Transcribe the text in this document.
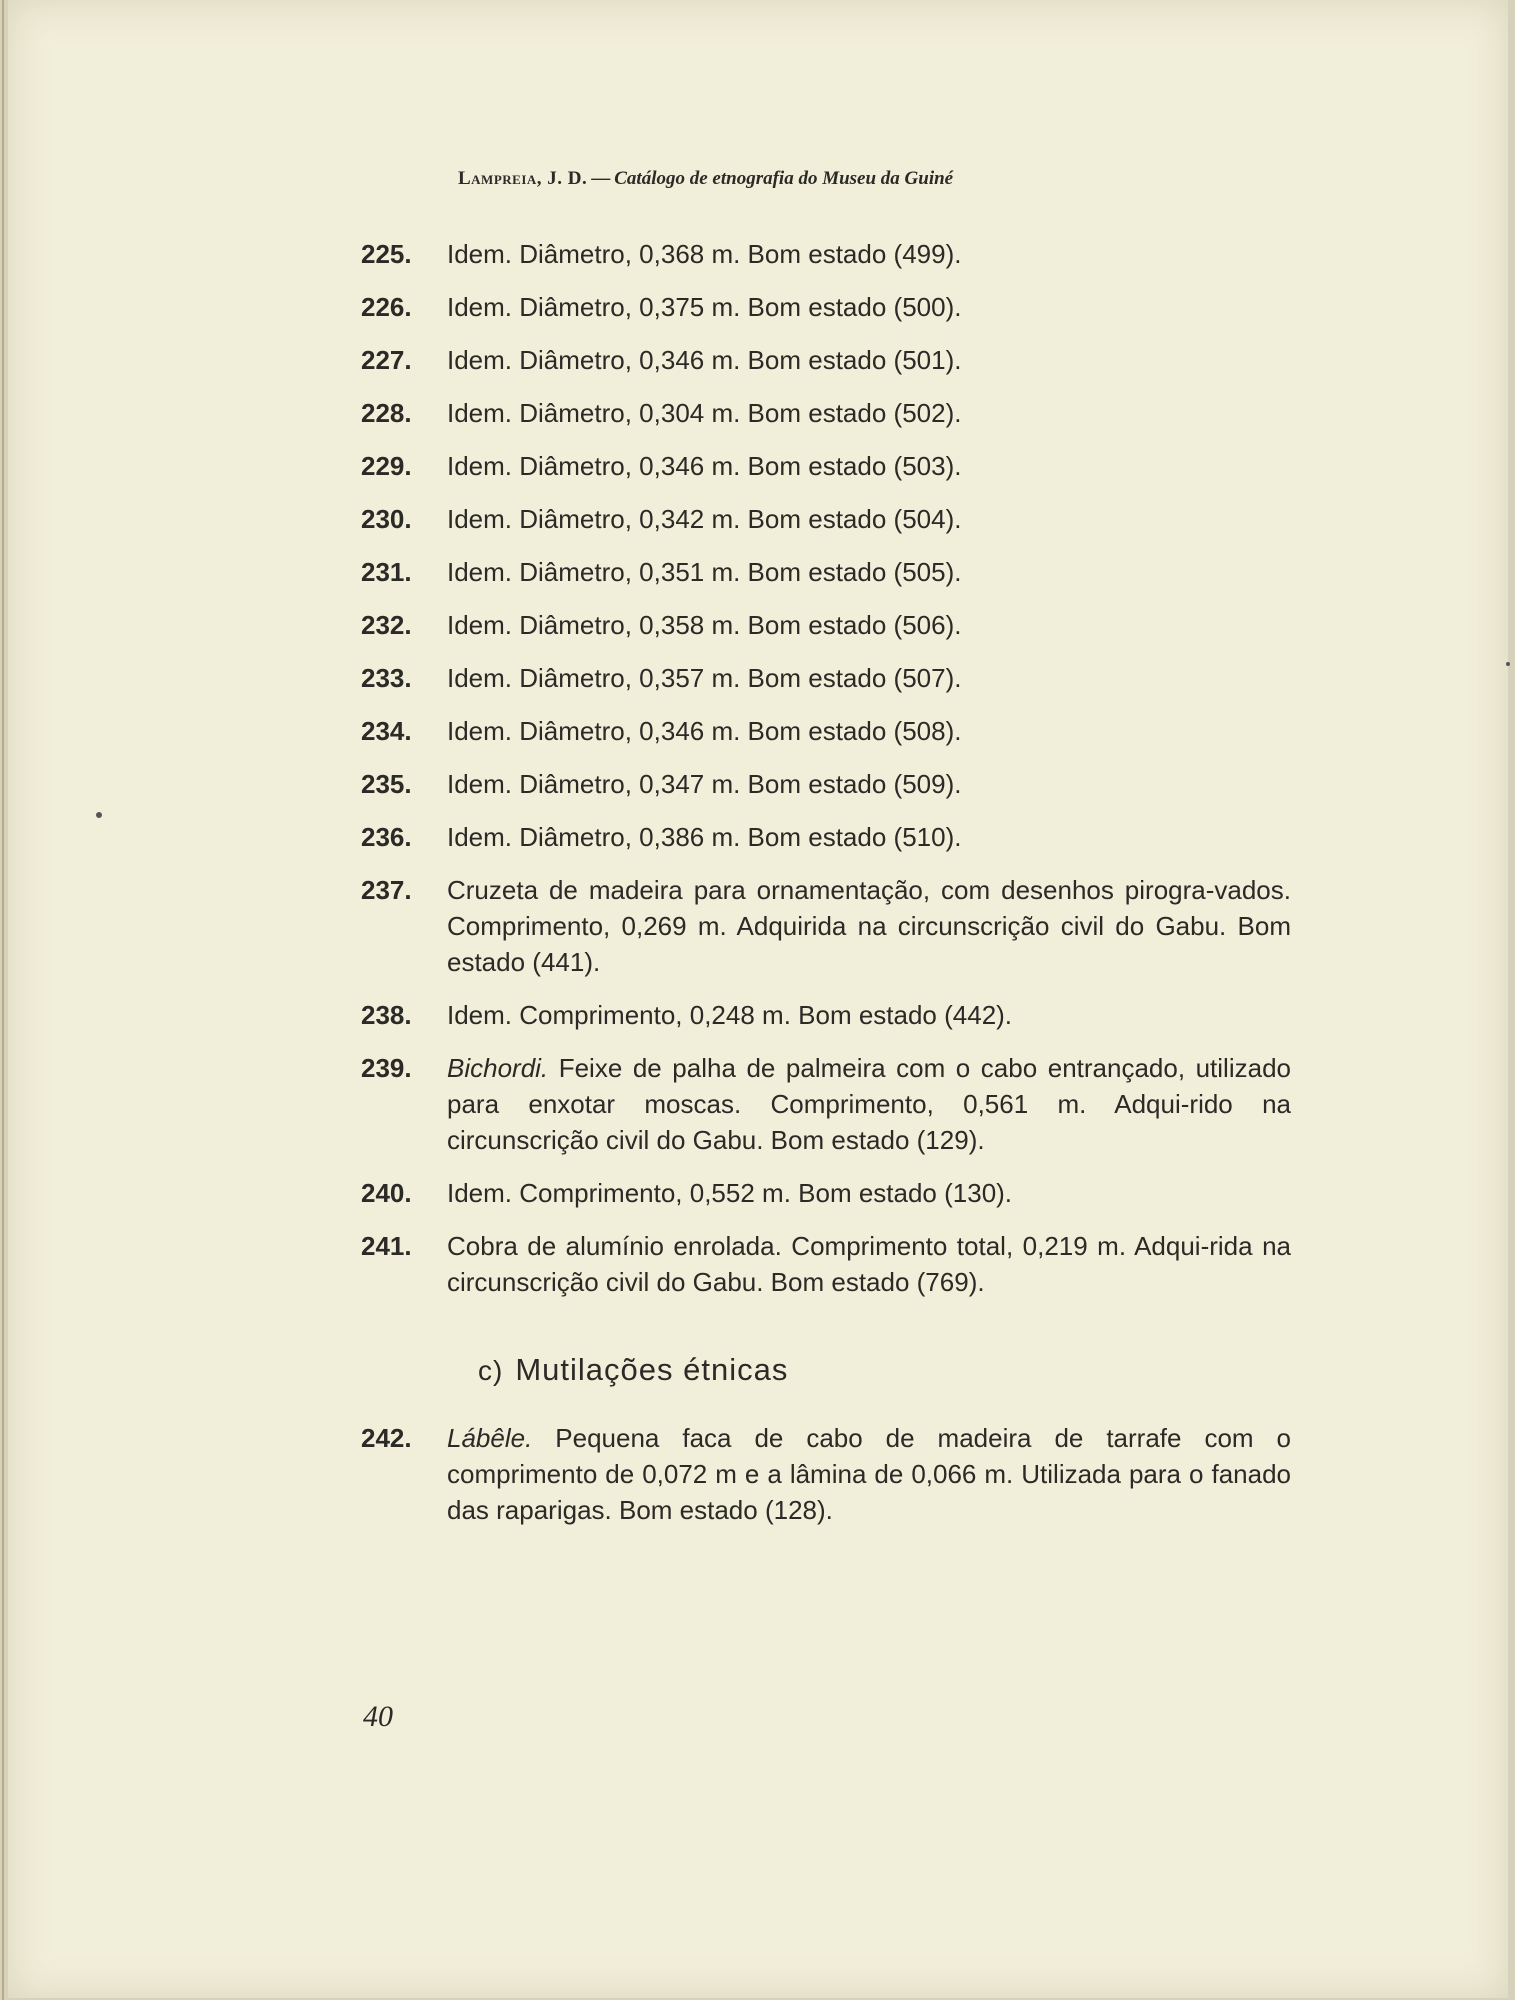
Lampreia, J. D. — Catálogo de etnografia do Museu da Guiné
225. Idem. Diâmetro, 0,368 m. Bom estado (499).
226. Idem. Diâmetro, 0,375 m. Bom estado (500).
227. Idem. Diâmetro, 0,346 m. Bom estado (501).
228. Idem. Diâmetro, 0,304 m. Bom estado (502).
229. Idem. Diâmetro, 0,346 m. Bom estado (503).
230. Idem. Diâmetro, 0,342 m. Bom estado (504).
231. Idem. Diâmetro, 0,351 m. Bom estado (505).
232. Idem. Diâmetro, 0,358 m. Bom estado (506).
233. Idem. Diâmetro, 0,357 m. Bom estado (507).
234. Idem. Diâmetro, 0,346 m. Bom estado (508).
235. Idem. Diâmetro, 0,347 m. Bom estado (509).
236. Idem. Diâmetro, 0,386 m. Bom estado (510).
237. Cruzeta de madeira para ornamentação, com desenhos pirogra-vados. Comprimento, 0,269 m. Adquirida na circunscrição civil do Gabu. Bom estado (441).
238. Idem. Comprimento, 0,248 m. Bom estado (442).
239. Bichordi. Feixe de palha de palmeira com o cabo entrançado, utilizado para enxotar moscas. Comprimento, 0,561 m. Adqui-rido na circunscrição civil do Gabu. Bom estado (129).
240. Idem. Comprimento, 0,552 m. Bom estado (130).
241. Cobra de alumínio enrolada. Comprimento total, 0,219 m. Adqui-rida na circunscrição civil do Gabu. Bom estado (769).
c) Mutilações étnicas
242. Lábêle. Pequena faca de cabo de madeira de tarrafe com o comprimento de 0,072 m e a lâmina de 0,066 m. Utilizada para o fanado das raparigas. Bom estado (128).
40
